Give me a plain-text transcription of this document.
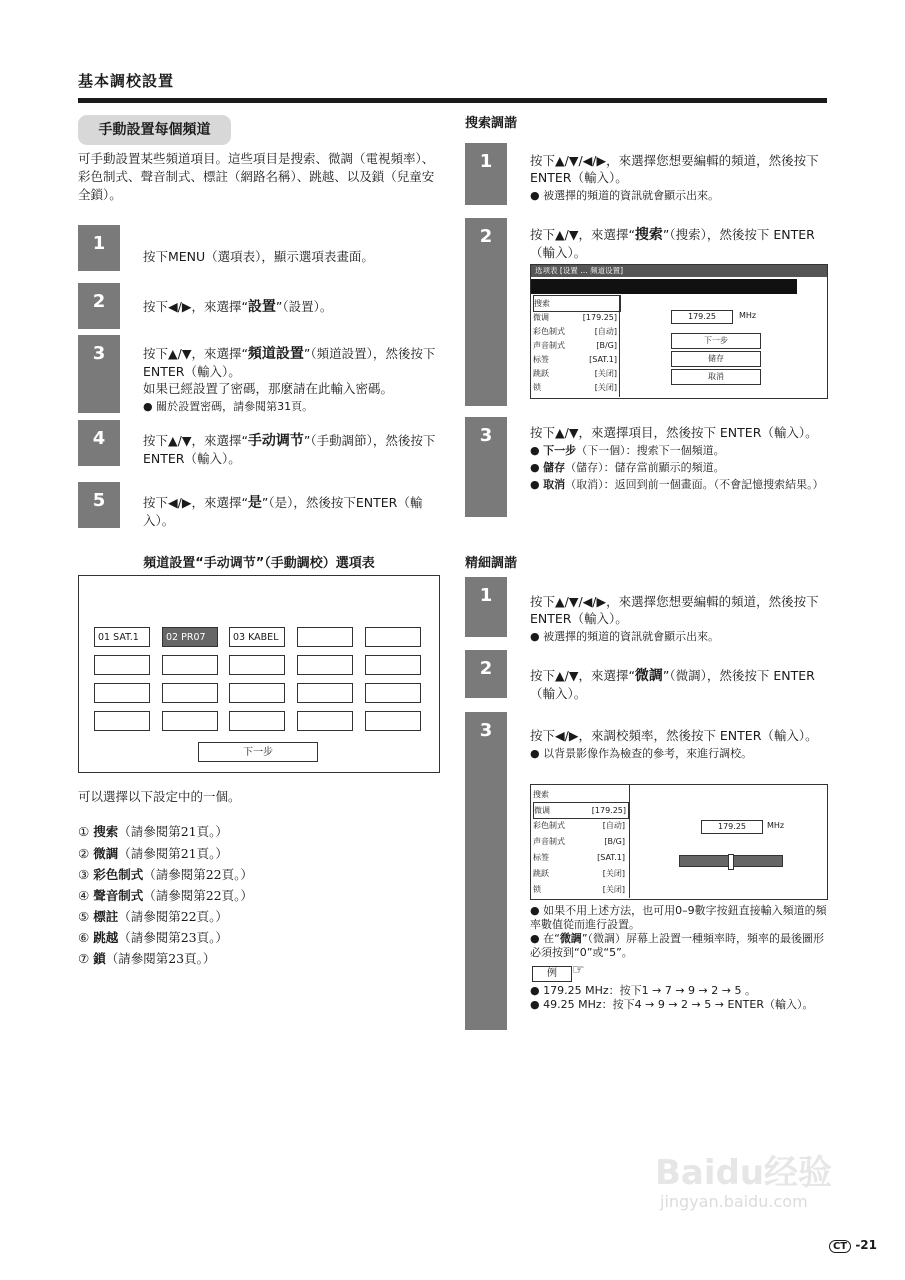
基本調校設置
手動設置每個頻道
可手動設置某些頻道項目。這些項目是搜索、微調（電視頻率）、彩色制式、聲音制式、標註（網路名稱）、跳越、以及鎖（兒童安全鎖）。
1
按下MENU（選項表），顯示選項表畫面。
2	按下◀/▶，來選擇“設置”（設置）。
3	按下▲/▼，來選擇“頻道設置”（頻道設置），然後按下 ENTER（輸入）。
如果已經設置了密碼，那麼請在此輸入密碼。
● 關於設置密碼，請參閱第31頁。
4	按下▲/▼，來選擇“手动调节”（手動調節），然後按下ENTER（輸入）。
5	按下◀/▶，來選擇“是”（是），然後按下ENTER（輸入）。
頻道設置“手动调节”（手動調校）選項表
01 SAT.1	02 PR07	03 KABEL
下一步
可以選擇以下設定中的一個。
① 搜索（請參閱第21頁。）
② 微調（請參閱第21頁。）
③ 彩色制式（請參閱第22頁。）
④ 聲音制式（請參閱第22頁。）
⑤ 標註（請參閱第22頁。）
⑥ 跳越（請參閱第23頁。）
⑦ 鎖（請參閱第23頁。）
搜索調諧
1	按下▲/▼/◀/▶，來選擇您想要編輯的頻道，然後按下 ENTER（輸入）。
● 被選擇的頻道的資訊就會顯示出來。
2	按下▲/▼，來選擇“搜索”（搜索），然後按下 ENTER（輸入）。
选项表 [设置 … 频道设置]
搜索
微调	[179.25]
彩色制式	[自动]
声音制式	[B/G]
标签	[SAT.1]
跳跃	[关闭]
锁	[关闭]
179.25	MHz
下一步
储存
取消
3	按下▲/▼，來選擇項目，然後按下 ENTER（輸入）。
● 下一步（下一個）：搜索下一個頻道。
● 儲存（儲存）：儲存當前顯示的頻道。
● 取消（取消）：返回到前一個畫面。（不會記憶搜索結果。）
精細調諧
1	按下▲/▼/◀/▶，來選擇您想要編輯的頻道，然後按下 ENTER（輸入）。
● 被選擇的頻道的資訊就會顯示出來。
2	按下▲/▼，來選擇“微調”（微調），然後按下 ENTER（輸入）。
3	按下◀/▶，來調校頻率，然後按下 ENTER（輸入）。
● 以背景影像作為檢查的參考，來進行調校。
搜索
微调	[179.25]
彩色制式	[自动]
声音制式	[B/G]
标签	[SAT.1]
跳跃	[关闭]
锁	[关闭]
179.25	MHz
● 如果不用上述方法，也可用0–9數字按鈕直接輸入頻道的頻率數值從而進行設置。
● 在“微調”（微調）屏幕上設置一種頻率時，頻率的最後圖形必須按到“0”或“5”。
例	☞
● 179.25 MHz：按下1 → 7 → 9 → 2 → 5 。
● 49.25 MHz：按下4 → 9 → 2 → 5 → ENTER（輸入）。
Baidu经验
jingyan.baidu.com
CT -21
